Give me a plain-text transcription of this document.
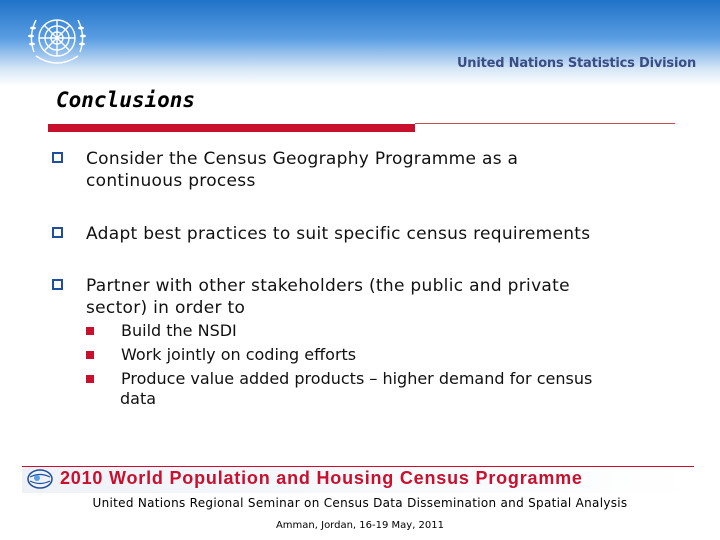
United Nations Statistics Division
Conclusions
Consider the Census Geography Programme as a
continuous process
Adapt best practices to suit specific census requirements
Partner with other stakeholders (the public and private
sector) in order to
Build the NSDI
Work jointly on coding efforts
Produce value added products – higher demand for census
data
2010 World Population and Housing Census Programme
United Nations Regional Seminar on Census Data Dissemination and Spatial Analysis
Amman, Jordan, 16-19 May, 2011
